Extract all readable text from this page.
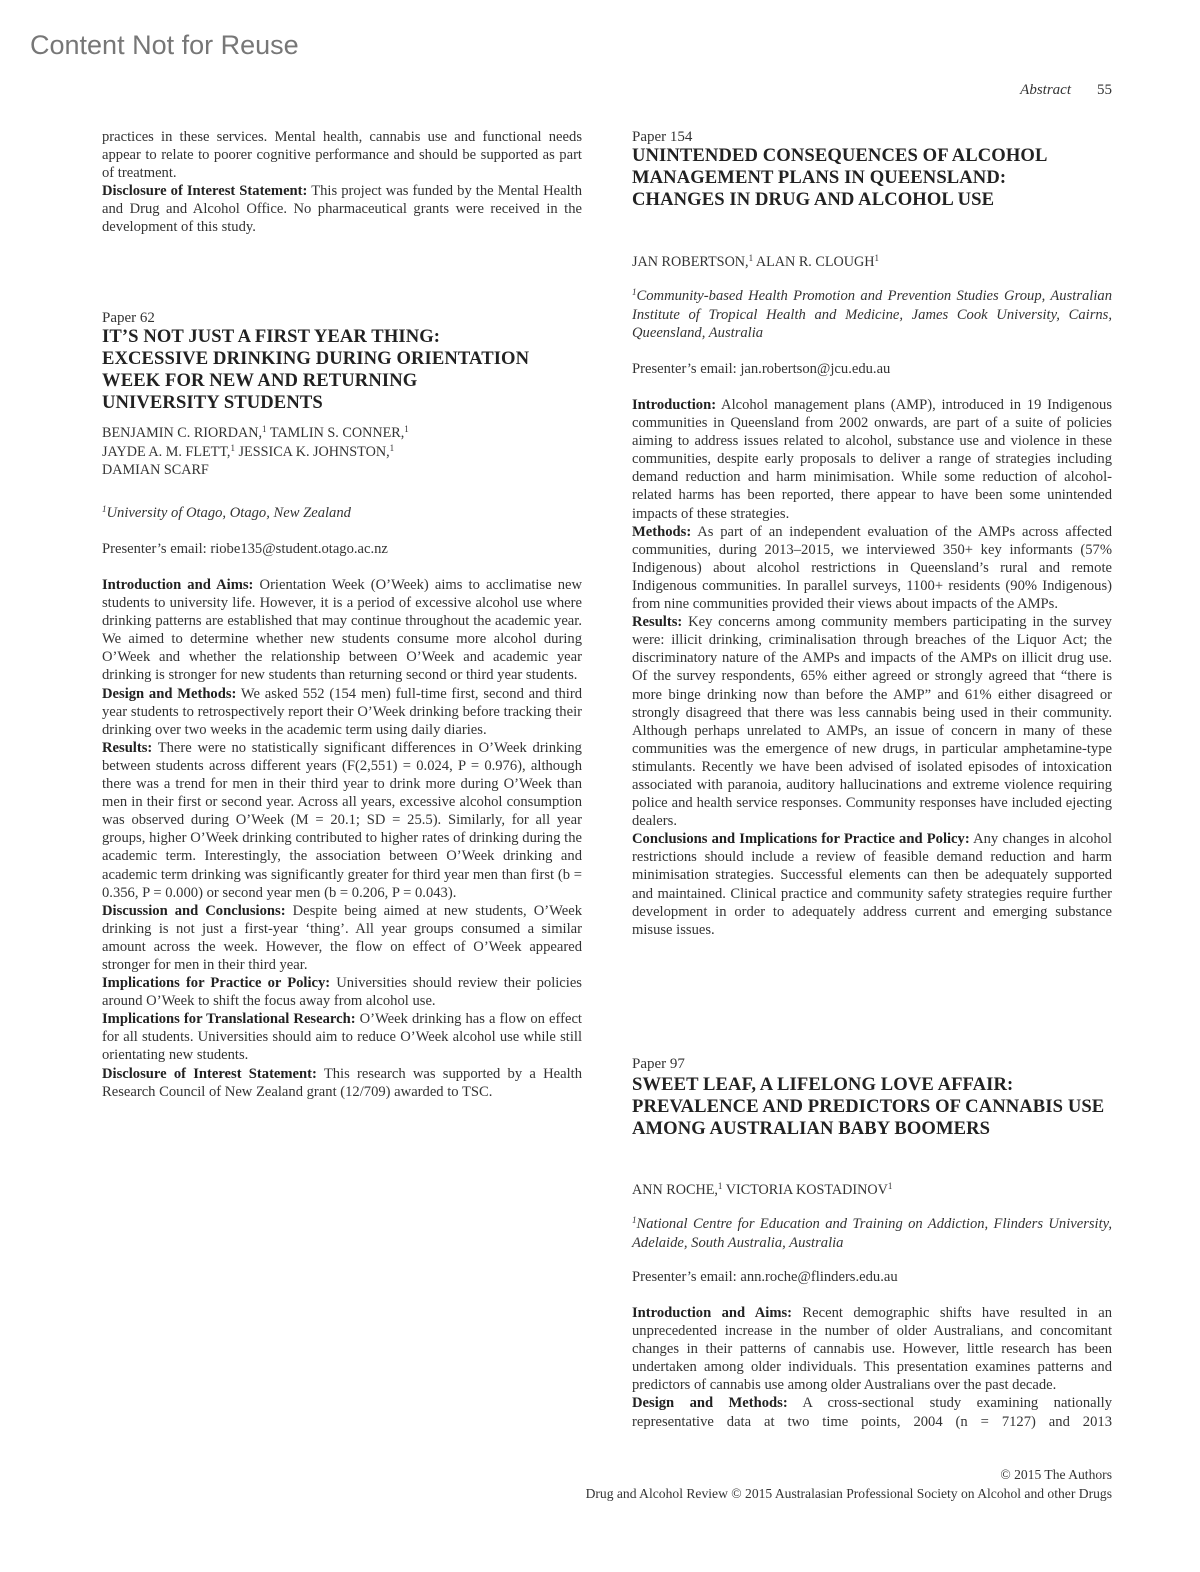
Content Not for Reuse
Abstract 55

practices in these services. Mental health, cannabis use and functional needs appear to relate to poorer cognitive performance and should be supported as part of treatment.

Disclosure of Interest Statement: This project was funded by the Mental Health and Drug and Alcohol Office. No pharmaceutical grants were received in the development of this study.

Paper 62
IT’S NOT JUST A FIRST YEAR THING: EXCESSIVE DRINKING DURING ORIENTATION WEEK FOR NEW AND RETURNING UNIVERSITY STUDENTS
BENJAMIN C. RIORDAN,$^1$ TAMLIN S. CONNER,$^1$
JAYDE A. M. FLETT,$^1$ JESSICA K. JOHNSTON,$^1$
DAMIAN SCARF
$^1$University of Otago, Otago, New Zealand
Presenter’s email: riobe135@student.otago.ac.nz

Introduction and Aims: Orientation Week (O’Week) aims to acclimatise new students to university life. However, it is a period of excessive alcohol use where drinking patterns are established that may continue throughout the academic year. We aimed to determine whether new students consume more alcohol during O’Week and whether the relationship between O’Week and academic year drinking is stronger for new students than returning second or third year students.

Design and Methods: We asked 552 (154 men) full-time first, second and third year students to retrospectively report their O’Week drinking before tracking their drinking over two weeks in the academic term using daily diaries.

Results: There were no statistically significant differences in O’Week drinking between students across different years (F(2,551) = 0.024, P = 0.976), although there was a trend for men in their third year to drink more during O’Week than men in their first or second year. Across all years, excessive alcohol consumption was observed during O’Week (M = 20.1; SD = 25.5). Similarly, for all year groups, higher O’Week drinking contributed to higher rates of drinking during the academic term. Interestingly, the association between O’Week drinking and academic term drinking was significantly greater for third year men than first (b = 0.356, P = 0.000) or second year men (b = 0.206, P = 0.043).

Discussion and Conclusions: Despite being aimed at new students, O’Week drinking is not just a first-year ‘thing’. All year groups consumed a similar amount across the week. However, the flow on effect of O’Week appeared stronger for men in their third year.

Implications for Practice or Policy: Universities should review their policies around O’Week to shift the focus away from alcohol use.

Implications for Translational Research: O’Week drinking has a flow on effect for all students. Universities should aim to reduce O’Week alcohol use while still orientating new students.

Disclosure of Interest Statement: This research was supported by a Health Research Council of New Zealand grant (12/709) awarded to TSC.

Paper 154
UNINTENDED CONSEQUENCES OF ALCOHOL MANAGEMENT PLANS IN QUEENSLAND: CHANGES IN DRUG AND ALCOHOL USE
JAN ROBERTSON,$^1$ ALAN R. CLOUGH$^1$
$^1$Community-based Health Promotion and Prevention Studies Group, Australian Institute of Tropical Health and Medicine, James Cook University, Cairns, Queensland, Australia
Presenter’s email: jan.robertson@jcu.edu.au

Introduction: Alcohol management plans (AMP), introduced in 19 Indigenous communities in Queensland from 2002 onwards, are part of a suite of policies aiming to address issues related to alcohol, substance use and violence in these communities, despite early proposals to deliver a range of strategies including demand reduction and harm minimisation. While some reduction of alcohol-related harms has been reported, there appear to have been some unintended impacts of these strategies.

Methods: As part of an independent evaluation of the AMPs across affected communities, during 2013–2015, we interviewed 350+ key informants (57% Indigenous) about alcohol restrictions in Queensland’s rural and remote Indigenous communities. In parallel surveys, 1100+ residents (90% Indigenous) from nine communities provided their views about impacts of the AMPs.

Results: Key concerns among community members participating in the survey were: illicit drinking, criminalisation through breaches of the Liquor Act; the discriminatory nature of the AMPs and impacts of the AMPs on illicit drug use. Of the survey respondents, 65% either agreed or strongly agreed that “there is more binge drinking now than before the AMP” and 61% either disagreed or strongly disagreed that there was less cannabis being used in their community. Although perhaps unrelated to AMPs, an issue of concern in many of these communities was the emergence of new drugs, in particular amphetamine-type stimulants. Recently we have been advised of isolated episodes of intoxication associated with paranoia, auditory hallucinations and extreme violence requiring police and health service responses. Community responses have included ejecting dealers.

Conclusions and Implications for Practice and Policy: Any changes in alcohol restrictions should include a review of feasible demand reduction and harm minimisation strategies. Successful elements can then be adequately supported and maintained. Clinical practice and community safety strategies require further development in order to adequately address current and emerging substance misuse issues.

Paper 97
SWEET LEAF, A LIFELONG LOVE AFFAIR: PREVALENCE AND PREDICTORS OF CANNABIS USE AMONG AUSTRALIAN BABY BOOMERS
ANN ROCHE,$^1$ VICTORIA KOSTADINOV$^1$
$^1$National Centre for Education and Training on Addiction, Flinders University, Adelaide, South Australia, Australia
Presenter’s email: ann.roche@flinders.edu.au

Introduction and Aims: Recent demographic shifts have resulted in an unprecedented increase in the number of older Australians, and concomitant changes in their patterns of cannabis use. However, little research has been undertaken among older individuals. This presentation examines patterns and predictors of cannabis use among older Australians over the past decade.

Design and Methods: A cross-sectional study examining nationally representative data at two time points, 2004 (n = 7127) and 2013

© 2015 The Authors
Drug and Alcohol Review © 2015 Australasian Professional Society on Alcohol and other Drugs
